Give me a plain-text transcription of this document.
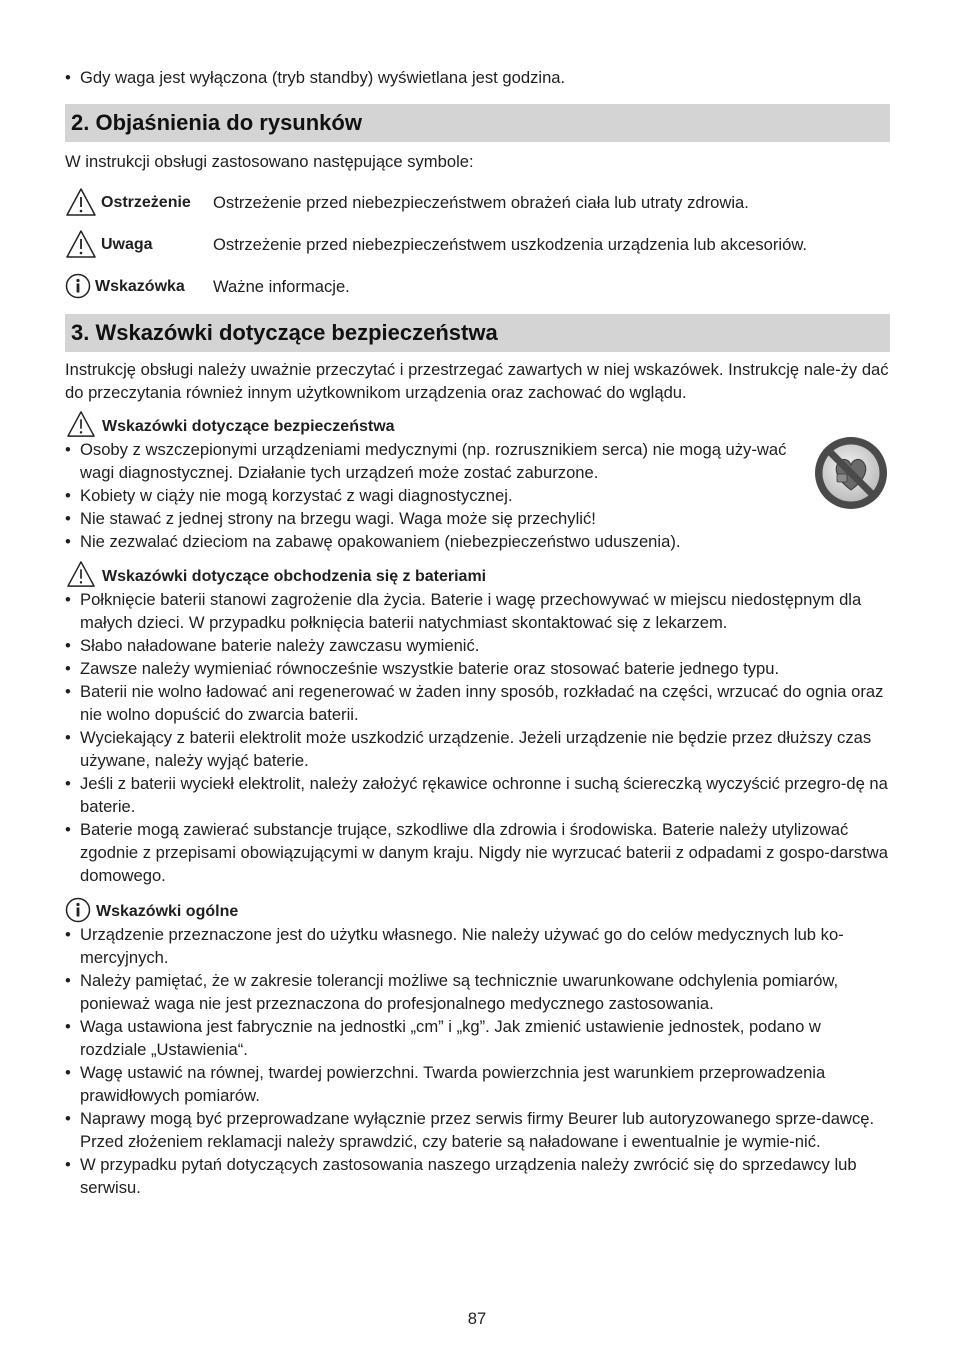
• Gdy waga jest wyłączona (tryb standby) wyświetlana jest godzina.
2. Objaśnienia do rysunków

W instrukcji obsługi zastosowano następujące symbole:

Ostrzeżenie Ostrzeżenie przed niebezpieczeństwem obrażeń ciała lub utraty zdrowia.
Uwaga	Ostrzeżenie przed niebezpieczeństwem uszkodzenia urządzenia lub akcesoriów.
Wskazówka Ważne informacje.
3. Wskazówki dotyczące bezpieczeństwa

Instrukcję obsługi należy uważnie przeczytać i przestrzegać zawartych w niej wskazówek. Instrukcję nale-ży dać do przeczytania również innym użytkownikom urządzenia oraz zachować do wglądu.

Wskazówki dotyczące bezpieczeństwa
• Osoby z wszczepionymi urządzeniami medycznymi (np. rozrusznikiem serca) nie mogą uży-wać wagi diagnostycznej. Działanie tych urządzeń może zostać zaburzone.
• Kobiety w ciąży nie mogą korzystać z wagi diagnostycznej.
• Nie stawać z jednej strony na brzegu wagi. Waga może się przechylić!
• Nie zezwalać dzieciom na zabawę opakowaniem (niebezpieczeństwo uduszenia).
Wskazówki dotyczące obchodzenia się z bateriami
• Połknięcie baterii stanowi zagrożenie dla życia. Baterie i wagę przechowywać w miejscu niedostępnym dla małych dzieci. W przypadku połknięcia baterii natychmiast skontaktować się z lekarzem.
• Słabo naładowane baterie należy zawczasu wymienić.
• Zawsze należy wymieniać równocześnie wszystkie baterie oraz stosować baterie jednego typu.
• Baterii nie wolno ładować ani regenerować w żaden inny sposób, rozkładać na części, wrzucać do ognia oraz nie wolno dopuścić do zwarcia baterii.
• Wyciekający z baterii elektrolit może uszkodzić urządzenie. Jeżeli urządzenie nie będzie przez dłuższy czas używane, należy wyjąć baterie.
• Jeśli z baterii wyciekł elektrolit, należy założyć rękawice ochronne i suchą ściereczką wyczyścić przegro-dę na baterie.
• Baterie mogą zawierać substancje trujące, szkodliwe dla zdrowia i środowiska. Baterie należy utylizować zgodnie z przepisami obowiązującymi w danym kraju. Nigdy nie wyrzucać baterii z odpadami z gospo-darstwa domowego.
Wskazówki ogólne
• Urządzenie przeznaczone jest do użytku własnego. Nie należy używać go do celów medycznych lub ko-mercyjnych.
• Należy pamiętać, że w zakresie tolerancji możliwe są technicznie uwarunkowane odchylenia pomiarów, ponieważ waga nie jest przeznaczona do profesjonalnego medycznego zastosowania.
• Waga ustawiona jest fabrycznie na jednostki „cm” i „kg”. Jak zmienić ustawienie jednostek, podano w rozdziale „Ustawienia“.
• Wagę ustawić na równej, twardej powierzchni. Twarda powierzchnia jest warunkiem przeprowadzenia prawidłowych pomiarów.
• Naprawy mogą być przeprowadzane wyłącznie przez serwis firmy Beurer lub autoryzowanego sprze-dawcę. Przed złożeniem reklamacji należy sprawdzić, czy baterie są naładowane i ewentualnie je wymie-nić.
• W przypadku pytań dotyczących zastosowania naszego urządzenia należy zwrócić się do sprzedawcy lub serwisu.
87
